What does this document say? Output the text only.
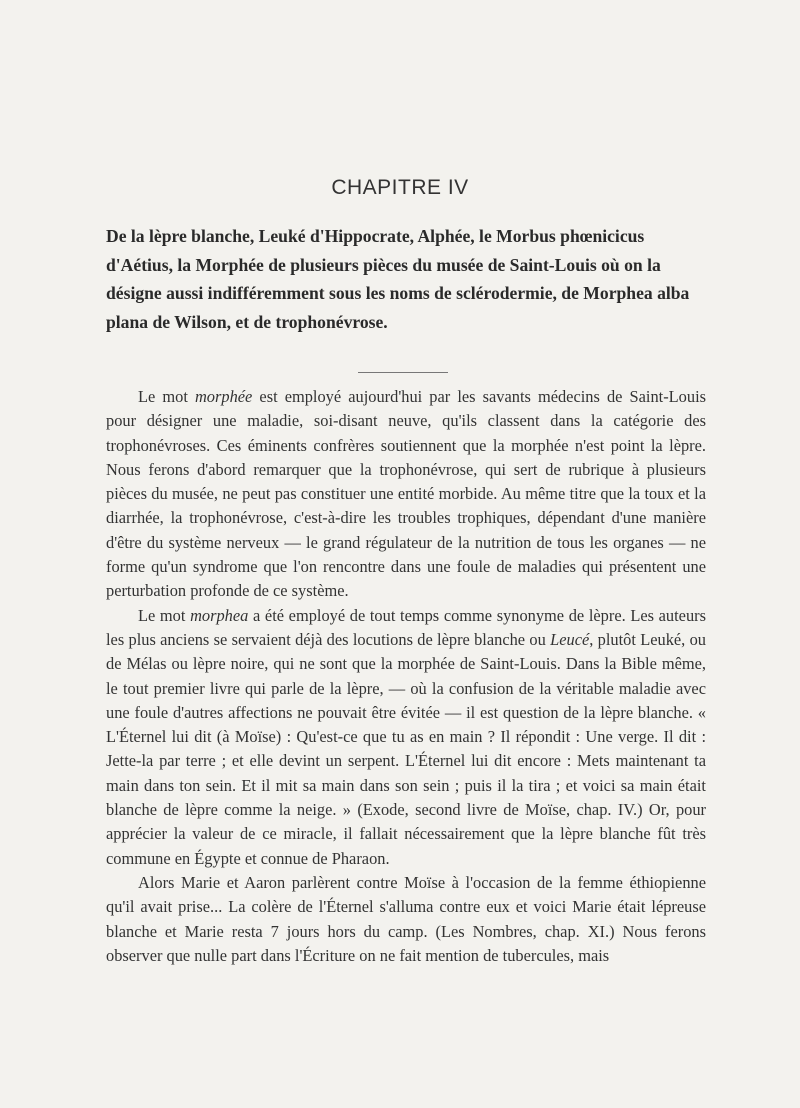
CHAPITRE IV
De la lèpre blanche, Leuké d'Hippocrate, Alphée, le Morbus phœnicicus d'Aétius, la Morphée de plusieurs pièces du musée de Saint-Louis où on la désigne aussi indifféremment sous les noms de sclérodermie, de Morphea alba plana de Wilson, et de trophonévrose.

Le mot morphée est employé aujourd'hui par les savants médecins de Saint-Louis pour désigner une maladie, soi-disant neuve, qu'ils classent dans la catégorie des trophonévroses. Ces éminents confrères soutiennent que la morphée n'est point la lèpre. Nous ferons d'abord remarquer que la trophonévrose, qui sert de rubrique à plusieurs pièces du musée, ne peut pas constituer une entité morbide. Au même titre que la toux et la diarrhée, la trophonévrose, c'est-à-dire les troubles trophiques, dépendant d'une manière d'être du système nerveux — le grand régulateur de la nutrition de tous les organes — ne forme qu'un syndrome que l'on rencontre dans une foule de maladies qui présentent une perturbation profonde de ce système.

Le mot morphea a été employé de tout temps comme synonyme de lèpre. Les auteurs les plus anciens se servaient déjà des locutions de lèpre blanche ou Leucé, plutôt Leuké, ou de Mélas ou lèpre noire, qui ne sont que la morphée de Saint-Louis. Dans la Bible même, le tout premier livre qui parle de la lèpre, — où la confusion de la véritable maladie avec une foule d'autres affections ne pouvait être évitée — il est question de la lèpre blanche. « L'Éternel lui dit (à Moïse) : Qu'est-ce que tu as en main ? Il répondit : Une verge. Il dit : Jette-la par terre ; et elle devint un serpent. L'Éternel lui dit encore : Mets maintenant ta main dans ton sein. Et il mit sa main dans son sein ; puis il la tira ; et voici sa main était blanche de lèpre comme la neige. » (Exode, second livre de Moïse, chap. IV.) Or, pour apprécier la valeur de ce miracle, il fallait nécessairement que la lèpre blanche fût très commune en Égypte et connue de Pharaon.

Alors Marie et Aaron parlèrent contre Moïse à l'occasion de la femme éthiopienne qu'il avait prise... La colère de l'Éternel s'alluma contre eux et voici Marie était lépreuse blanche et Marie resta 7 jours hors du camp. (Les Nombres, chap. XI.) Nous ferons observer que nulle part dans l'Écriture on ne fait mention de tubercules, mais
